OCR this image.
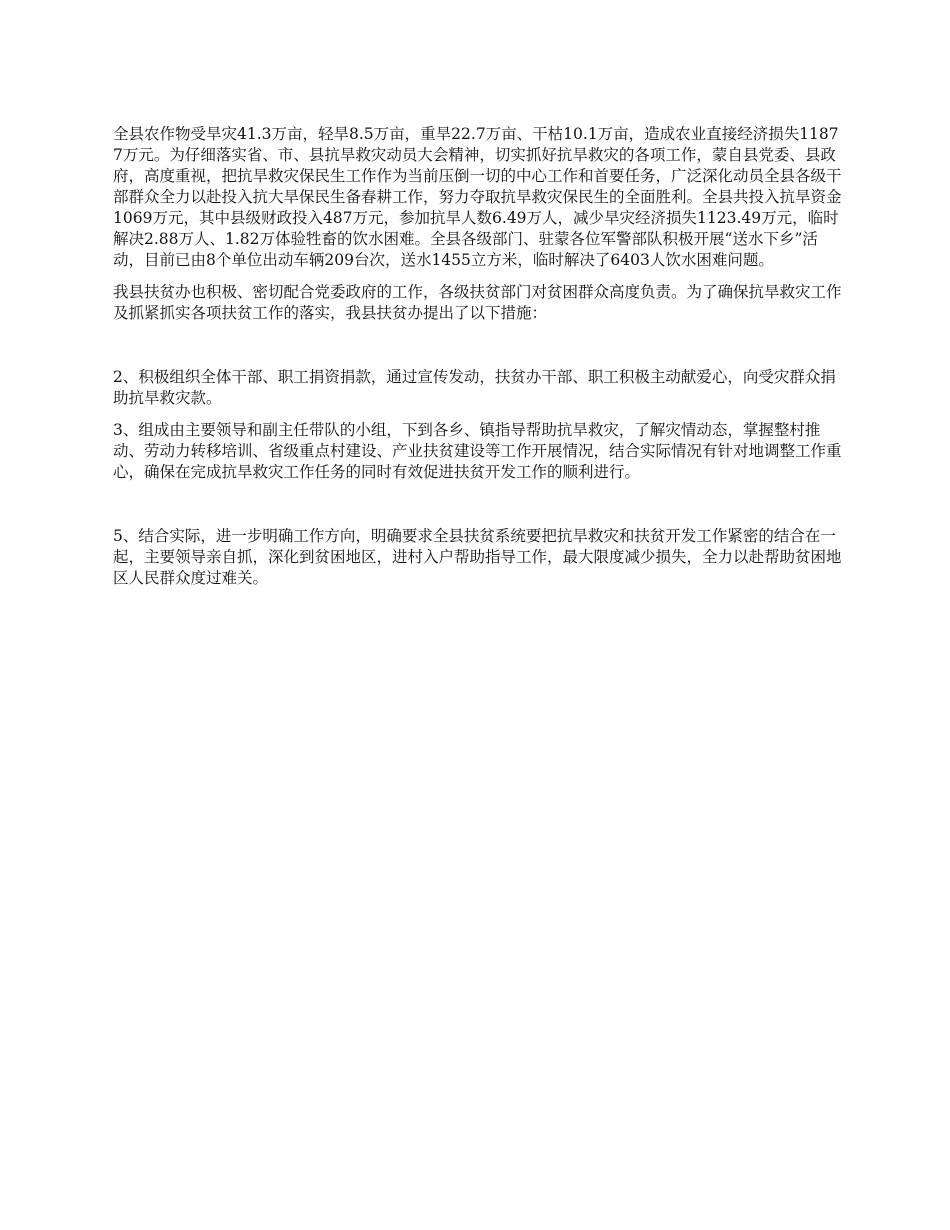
全县农作物受旱灾41.3万亩，轻旱8.5万亩，重旱22.7万亩、干枯10.1万亩，造成农业直接经济损失11877万元。为仔细落实省、市、县抗旱救灾动员大会精神，切实抓好抗旱救灾的各项工作，蒙自县党委、县政府，高度重视，把抗旱救灾保民生工作作为当前压倒一切的中心工作和首要任务，广泛深化动员全县各级干部群众全力以赴投入抗大旱保民生备春耕工作，努力夺取抗旱救灾保民生的全面胜利。全县共投入抗旱资金1069万元，其中县级财政投入487万元，参加抗旱人数6.49万人，减少旱灾经济损失1123.49万元，临时解决2.88万人、1.82万体验牲畜的饮水困难。全县各级部门、驻蒙各位军警部队积极开展“送水下乡”活动，目前已由8个单位出动车辆209台次，送水1455立方米，临时解决了6403人饮水困难问题。

我县扶贫办也积极、密切配合党委政府的工作，各级扶贫部门对贫困群众高度负责。为了确保抗旱救灾工作及抓紧抓实各项扶贫工作的落实，我县扶贫办提出了以下措施：

2、积极组织全体干部、职工捐资捐款，通过宣传发动，扶贫办干部、职工积极主动献爱心，向受灾群众捐助抗旱救灾款。

3、组成由主要领导和副主任带队的小组，下到各乡、镇指导帮助抗旱救灾，了解灾情动态，掌握整村推动、劳动力转移培训、省级重点村建设、产业扶贫建设等工作开展情况，结合实际情况有针对地调整工作重心，确保在完成抗旱救灾工作任务的同时有效促进扶贫开发工作的顺利进行。

5、结合实际，进一步明确工作方向，明确要求全县扶贫系统要把抗旱救灾和扶贫开发工作紧密的结合在一起，主要领导亲自抓，深化到贫困地区，进村入户帮助指导工作，最大限度减少损失，全力以赴帮助贫困地区人民群众度过难关。
